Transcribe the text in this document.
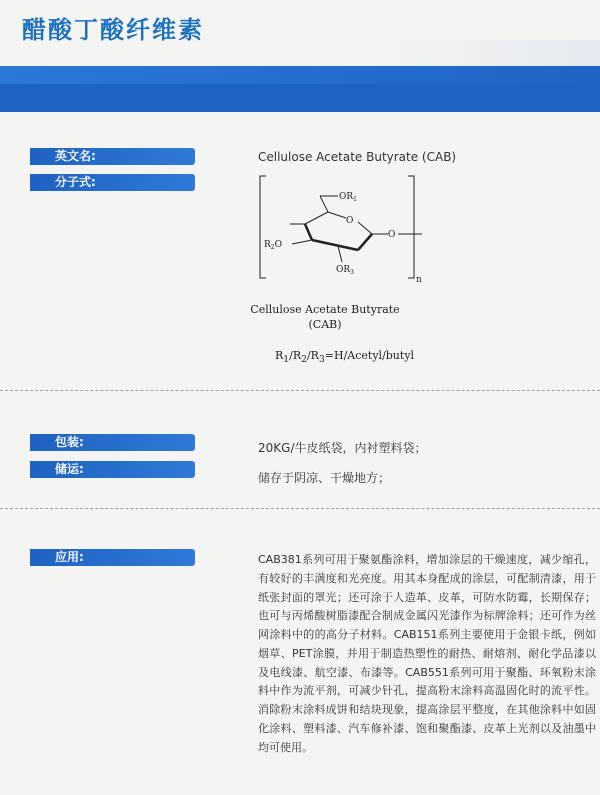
醋酸丁酸纤维素
英文名:	Cellulose Acetate Butyrate (CAB)
分子式:
$OR_1$
O
$R_2O$
$OR_3$
O
n
Cellulose Acetate Butyrate
(CAB)
$R_1/R_2/R_3=H/Acetyl$/butyl
包装:	20KG/牛皮纸袋，内衬塑料袋；
储运:
储存于阴凉、干燥地方；
应用:	CAB381系列可用于聚氨酯涂料，增加涂层的干燥速度，减少缩孔，有较好的丰满度和光亮度。用其本身配成的涂层，可配制清漆，用于纸张封面的罩光；还可涂于人造革、皮革，可防水防霉，长期保存；也可与丙烯酸树脂漆配合制成金属闪光漆作为标牌涂料；还可作为丝网涂料中的的高分子材料。CAB151系列主要使用于金银卡纸，例如烟草、PET涂膜，并用于制造热塑性的耐热、耐熔剂、耐化学品漆以及电线漆、航空漆、布漆等。CAB551系列可用于聚酯、环氧粉末涂料中作为流平剂，可减少针孔，提高粉末涂料高温固化时的流平性。消除粉末涂料成饼和结块现象，提高涂层平整度，在其他涂料中如固化涂料、塑料漆、汽车修补漆、饱和聚酯漆、皮革上光剂以及油墨中均可使用。
